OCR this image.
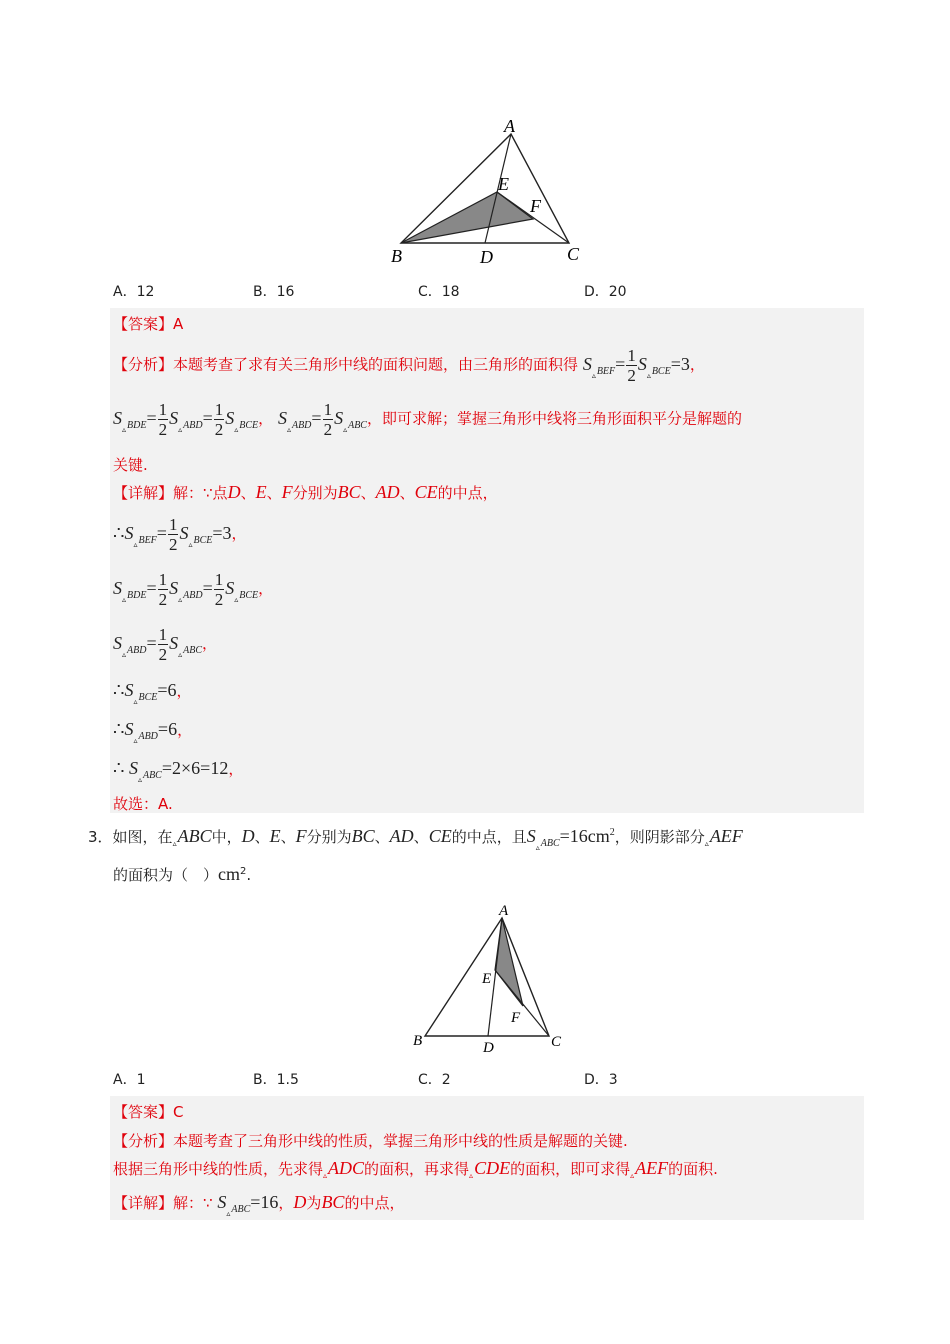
A
B	C
D
E
F
A．12	B．16	C．18	D．20
【答案】A
【分析】本题考查了求有关三角形中线的面积问题，由三角形的面积得 $S_{_▵BEF}= \frac{1}{2} S_{_▵BCE}=3$，
$S_{_▵BDE}= \frac{1}{2} S_{_▵ABD}= \frac{1}{2} S_{_▵BCE}$， $S_{_▵ABD}= \frac{1}{2} S_{_▵ABC}$，即可求解；掌握三角形中线将三角形面积平分是解题的
关键.
【详解】解：∵点D、E、F分别为BC、AD、CE的中点，
$\therefore S_{_▵BEF}= \frac{1}{2} S_{_▵BCE}=3$，
$S_{_▵BDE}= \frac{1}{2} S_{_▵ABD}= \frac{1}{2} S_{_▵BCE}$，
$S_{_▵ABD}= \frac{1}{2} S_{_▵ABC}$，
$\therefore S_{_▵BCE}=6$，
$\therefore S_{_▵ABD}=6$，
∴ $S_{_▵ABC}=2\times 6=12$，
故选：A.
3．如图，在$_▵$ABC中，D、E、F分别为BC、AD、CE的中点，且$S_{_▵ABC}=16cm^2$，则阴影部分$_▵$AEF
的面积为（　）$cm^2$.
A
B	C
D
E
F
A．1	B．1.5	C．2	D．3
【答案】C
【分析】本题考查了三角形中线的性质，掌握三角形中线的性质是解题的关键.
根据三角形中线的性质，先求得$_▵$ADC的面积，再求得$_▵$CDE的面积，即可求得$_▵$AEF的面积.
【详解】解：∵ $S_{_▵ABC}=16$，D为BC的中点，
